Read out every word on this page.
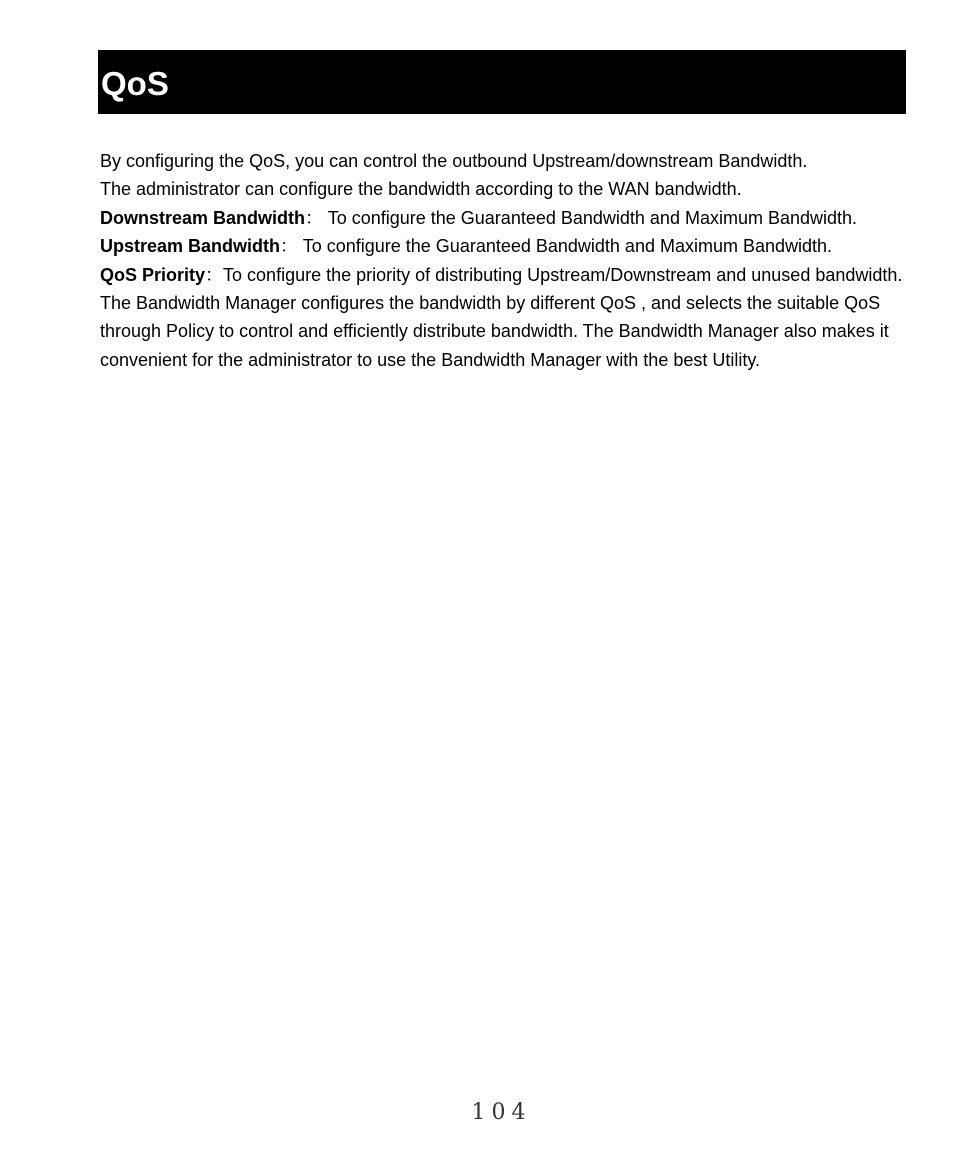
QoS

By configuring the QoS, you can control the outbound Upstream/downstream Bandwidth.

The administrator can configure the bandwidth according to the WAN bandwidth.

Downstream Bandwidth： To configure the Guaranteed Bandwidth and Maximum Bandwidth.

Upstream Bandwidth： To configure the Guaranteed Bandwidth and Maximum Bandwidth.

QoS Priority：To configure the priority of distributing Upstream/Downstream and unused bandwidth.

The Bandwidth Manager configures the bandwidth by different QoS , and selects the suitable QoS through Policy to control and efficiently distribute bandwidth. The Bandwidth Manager also makes it convenient for the administrator to use the Bandwidth Manager with the best Utility.

104
